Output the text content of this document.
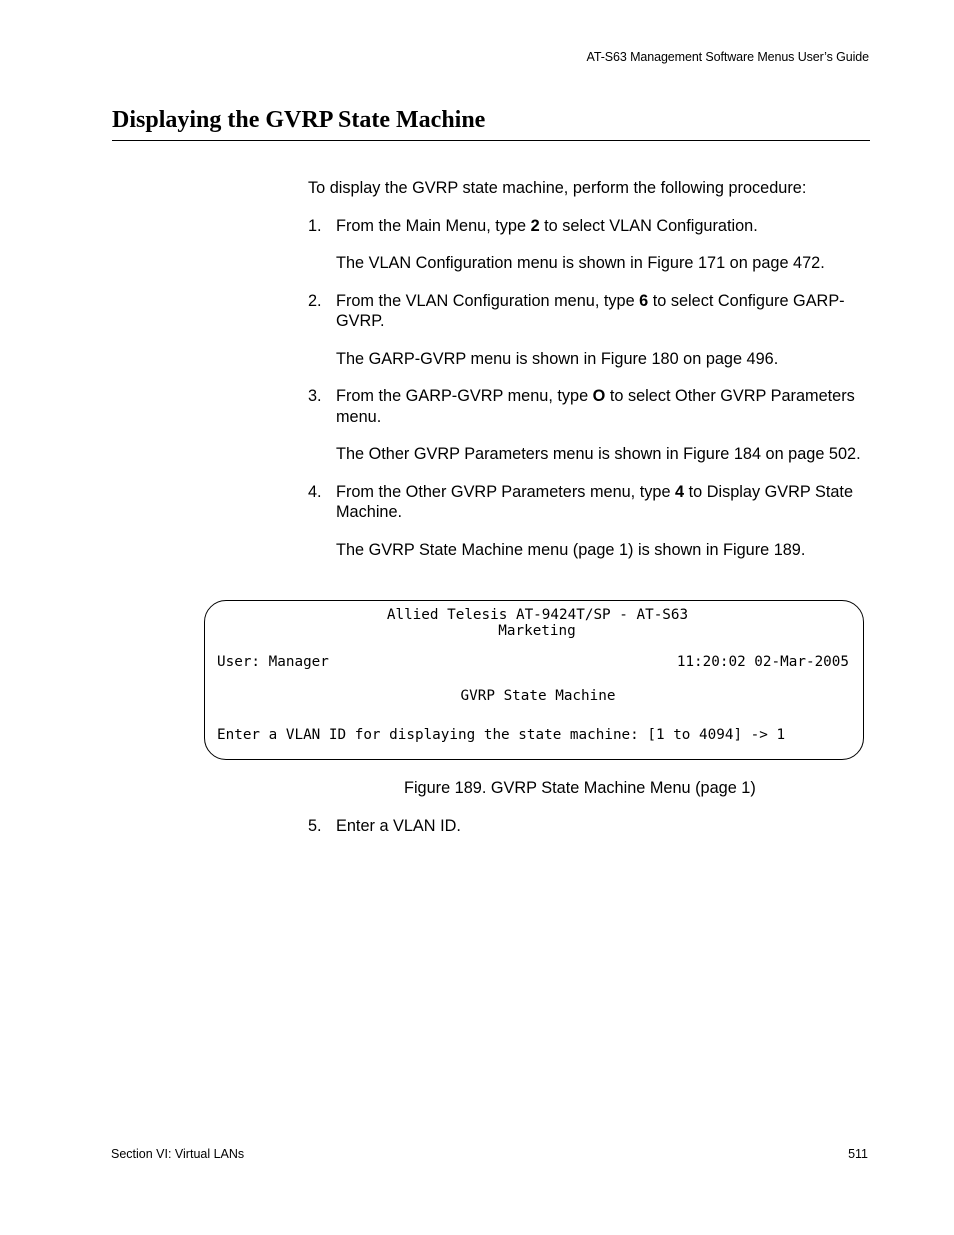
AT-S63 Management Software Menus User’s Guide
Displaying the GVRP State Machine

To display the GVRP state machine, perform the following procedure:

1. From the Main Menu, type 2 to select VLAN Configuration.

The VLAN Configuration menu is shown in Figure 171 on page 472.

2. From the VLAN Configuration menu, type 6 to select Configure GARP-GVRP.

The GARP-GVRP menu is shown in Figure 180 on page 496.

3. From the GARP-GVRP menu, type O to select Other GVRP Parameters menu.

The Other GVRP Parameters menu is shown in Figure 184 on page 502.

4. From the Other GVRP Parameters menu, type 4 to Display GVRP State Machine.

The GVRP State Machine menu (page 1) is shown in Figure 189.

Allied Telesis AT-9424T/SP - AT-S63
Marketing
User: Manager	11:20:02 02-Mar-2005
GVRP State Machine
Enter a VLAN ID for displaying the state machine: [1 to 4094] -> 1
Figure 189. GVRP State Machine Menu (page 1)
5. Enter a VLAN ID.
Section VI: Virtual LANs	511
